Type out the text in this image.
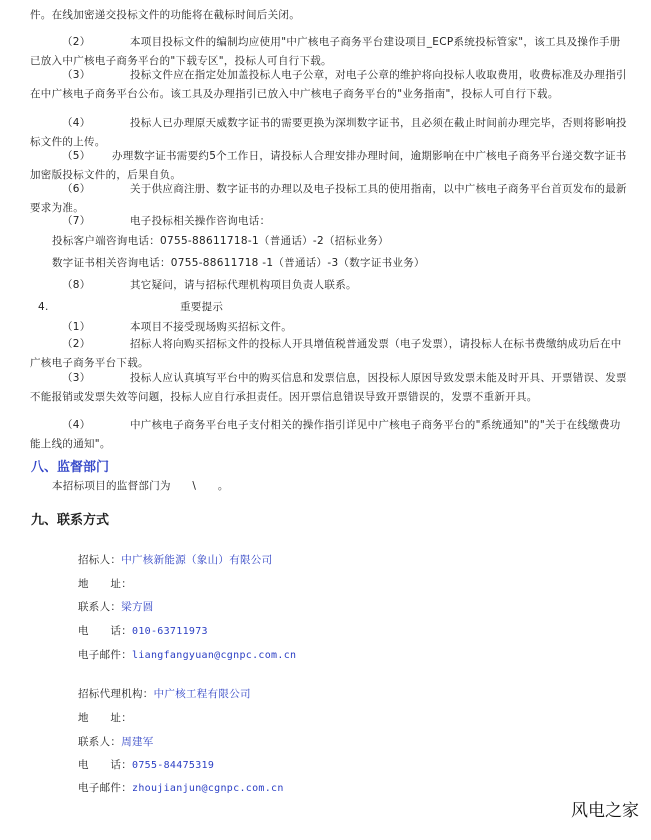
件。在线加密递交投标文件的功能将在截标时间后关闭。
（2）	本项目投标文件的编制均应使用"中广核电子商务平台建设项目_ECP系统投标管家"，该工具及操作手册已放入中广核电子商务平台的"下载专区"，投标人可自行下载。
（3）	投标文件应在指定处加盖投标人电子公章，对电子公章的维护将向投标人收取费用，收费标准及办理指引在中广核电子商务平台公布。该工具及办理指引已放入中广核电子商务平台的"业务指南"，投标人可自行下载。
（4）	投标人已办理原天威数字证书的需要更换为深圳数字证书，且必须在截止时间前办理完毕，否则将影响投标文件的上传。
（5） 办理数字证书需要约5个工作日，请投标人合理安排办理时间，逾期影响在中广核电子商务平台递交数字证书加密版投标文件的，后果自负。
（6）	关于供应商注册、数字证书的办理以及电子投标工具的使用指南，以中广核电子商务平台首页发布的最新要求为准。
（7）	电子投标相关操作咨询电话：
投标客户端咨询电话：0755-88611718-1（普通话）-2（招标业务）
数字证书相关咨询电话：0755-88611718 -1（普通话）-3（数字证书业务）
（8）	其它疑问，请与招标代理机构项目负责人联系。
4.	重要提示
（1）	本项目不接受现场购买招标文件。
（2）	招标人将向购买招标文件的投标人开具增值税普通发票（电子发票），请投标人在标书费缴纳成功后在中广核电子商务平台下载。
（3）	投标人应认真填写平台中的购买信息和发票信息，因投标人原因导致发票未能及时开具、开票错误、发票不能报销或发票失效等问题，投标人应自行承担责任。因开票信息错误导致开票错误的，发票不重新开具。
（4）	中广核电子商务平台电子支付相关的操作指引详见中广核电子商务平台的"系统通知"的"关于在线缴费功能上线的通知"。
八、监督部门
本招标项目的监督部门为　　\　　。
九、联系方式
招标人：中广核新能源（象山）有限公司
地　　址：
联系人：梁方圆
电　　话：010-63711973
电子邮件：liangfangyuan@cgnpc.com.cn
招标代理机构：中广核工程有限公司
地　　址：
联系人：周建军
电　　话：0755-84475319
电子邮件：zhoujianjun@cgnpc.com.cn
风电之家
